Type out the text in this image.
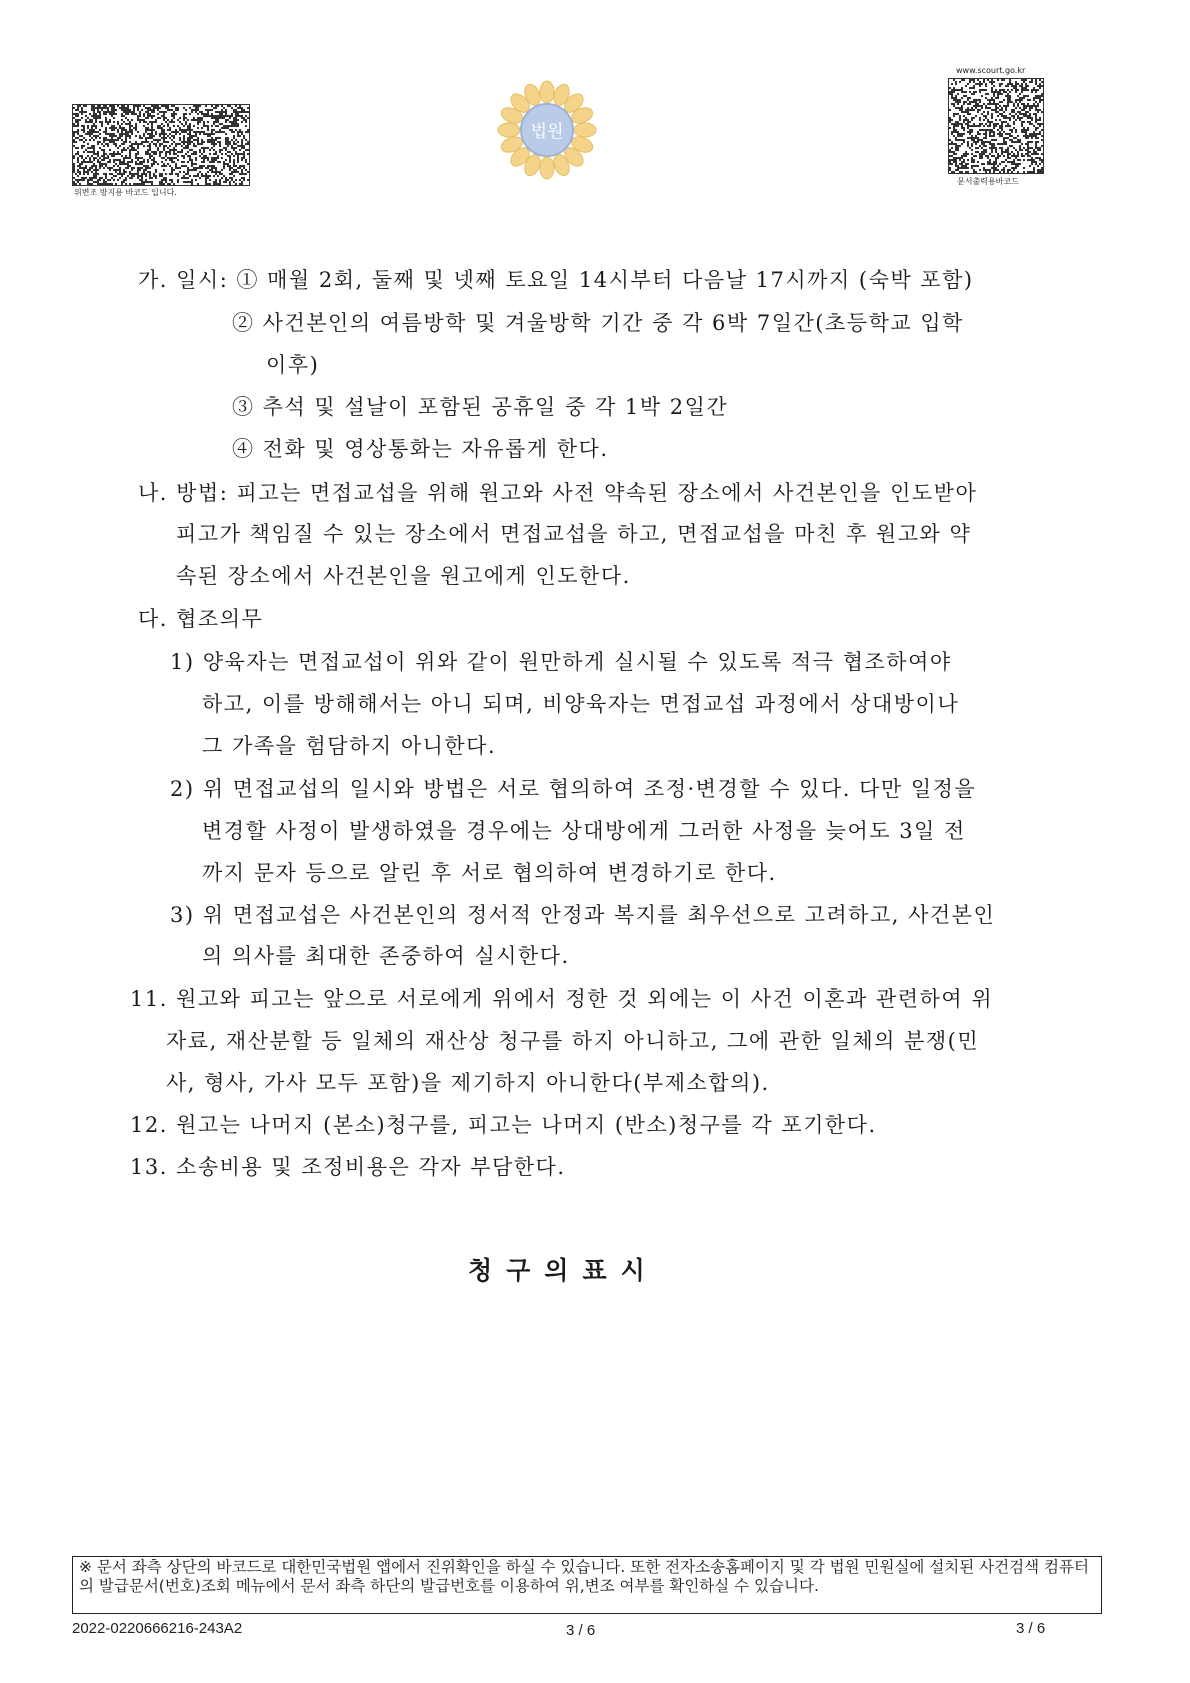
위변조 방지용 바코드 입니다.
법원
www.scourt.go.kr
문서출력용바코드
가. 일시: ① 매월 2회, 둘째 및 넷째 토요일 14시부터 다음날 17시까지 (숙박 포함)
② 사건본인의 여름방학 및 겨울방학 기간 중 각 6박 7일간(초등학교 입학
이후)
③ 추석 및 설날이 포함된 공휴일 중 각 1박 2일간
④ 전화 및 영상통화는 자유롭게 한다.
나. 방법: 피고는 면접교섭을 위해 원고와 사전 약속된 장소에서 사건본인을 인도받아
피고가 책임질 수 있는 장소에서 면접교섭을 하고, 면접교섭을 마친 후 원고와 약
속된 장소에서 사건본인을 원고에게 인도한다.
다. 협조의무
1) 양육자는 면접교섭이 위와 같이 원만하게 실시될 수 있도록 적극 협조하여야
하고, 이를 방해해서는 아니 되며, 비양육자는 면접교섭 과정에서 상대방이나
그 가족을 험담하지 아니한다.
2) 위 면접교섭의 일시와 방법은 서로 협의하여 조정·변경할 수 있다. 다만 일정을
변경할 사정이 발생하였을 경우에는 상대방에게 그러한 사정을 늦어도 3일 전
까지 문자 등으로 알린 후 서로 협의하여 변경하기로 한다.
3) 위 면접교섭은 사건본인의 정서적 안정과 복지를 최우선으로 고려하고, 사건본인
의 의사를 최대한 존중하여 실시한다.
11. 원고와 피고는 앞으로 서로에게 위에서 정한 것 외에는 이 사건 이혼과 관련하여 위
자료, 재산분할 등 일체의 재산상 청구를 하지 아니하고, 그에 관한 일체의 분쟁(민
사, 형사, 가사 모두 포함)을 제기하지 아니한다(부제소합의).
12. 원고는 나머지 (본소)청구를, 피고는 나머지 (반소)청구를 각 포기한다.
13. 소송비용 및 조정비용은 각자 부담한다.
청구의표시
※ 문서 좌측 상단의 바코드로 대한민국법원 앱에서 진위확인을 하실 수 있습니다. 또한 전자소송홈페이지 및 각 법원 민원실에 설치된 사건검색 컴퓨터의 발급문서(번호)조회 메뉴에서 문서 좌측 하단의 발급번호를 이용하여 위,변조 여부를 확인하실 수 있습니다.
2022-0220666216-243A2	3 / 6	3 / 6
